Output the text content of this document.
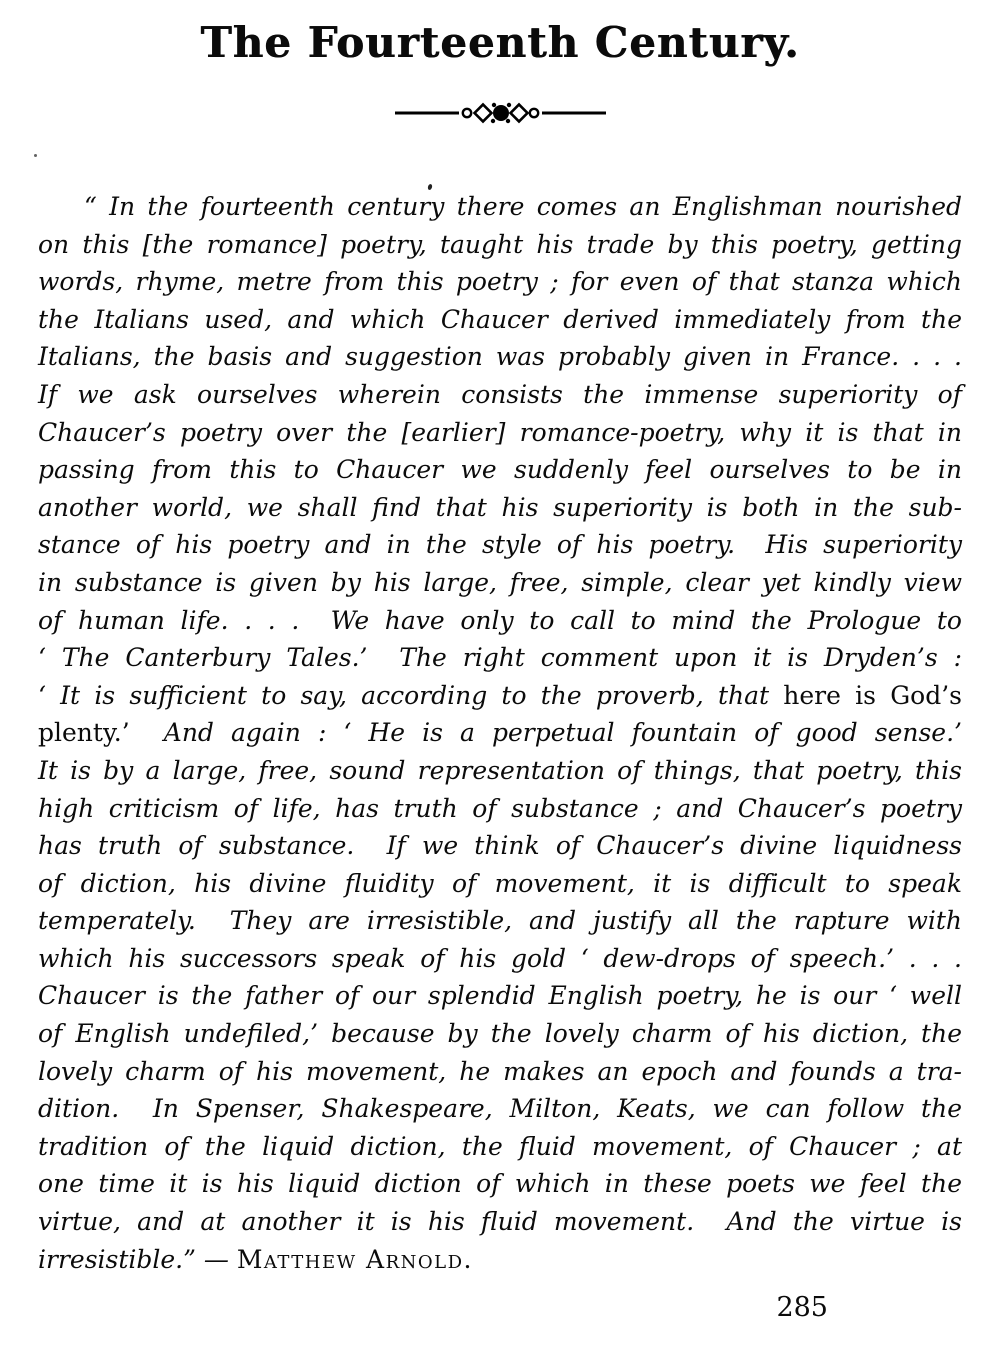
The Fourteenth Century.
“ In the fourteenth century there comes an Englishman nourished
on this [the romance] poetry, taught his trade by this poetry, getting
words, rhyme, metre from this poetry ; for even of that stanza which
the Italians used, and which Chaucer derived immediately from the
Italians, the basis and suggestion was probably given in France. . . .
If we ask ourselves wherein consists the immense superiority of
Chaucer’s poetry over the [earlier] romance-poetry, why it is that in
passing from this to Chaucer we suddenly feel ourselves to be in
another world, we shall find that his superiority is both in the sub-
stance of his poetry and in the style of his poetry.  His superiority
in substance is given by his large, free, simple, clear yet kindly view
of human life. . . .  We have only to call to mind the Prologue to
‘ The Canterbury Tales.’  The right comment upon it is Dryden’s :
‘ It is sufficient to say, according to the proverb, that here is God’s
plenty.’  And again : ‘ He is a perpetual fountain of good sense.’
It is by a large, free, sound representation of things, that poetry, this
high criticism of life, has truth of substance ; and Chaucer’s poetry
has truth of substance.  If we think of Chaucer’s divine liquidness
of diction, his divine fluidity of movement, it is difficult to speak
temperately.  They are irresistible, and justify all the rapture with
which his successors speak of his gold ‘ dew-drops of speech.’ . . .
Chaucer is the father of our splendid English poetry, he is our ‘ well
of English undefiled,’ because by the lovely charm of his diction, the
lovely charm of his movement, he makes an epoch and founds a tra-
dition.  In Spenser, Shakespeare, Milton, Keats, we can follow the
tradition of the liquid diction, the fluid movement, of Chaucer ; at
one time it is his liquid diction of which in these poets we feel the
virtue, and at another it is his fluid movement.  And the virtue is
irresistible.” — Matthew Arnold.
285
